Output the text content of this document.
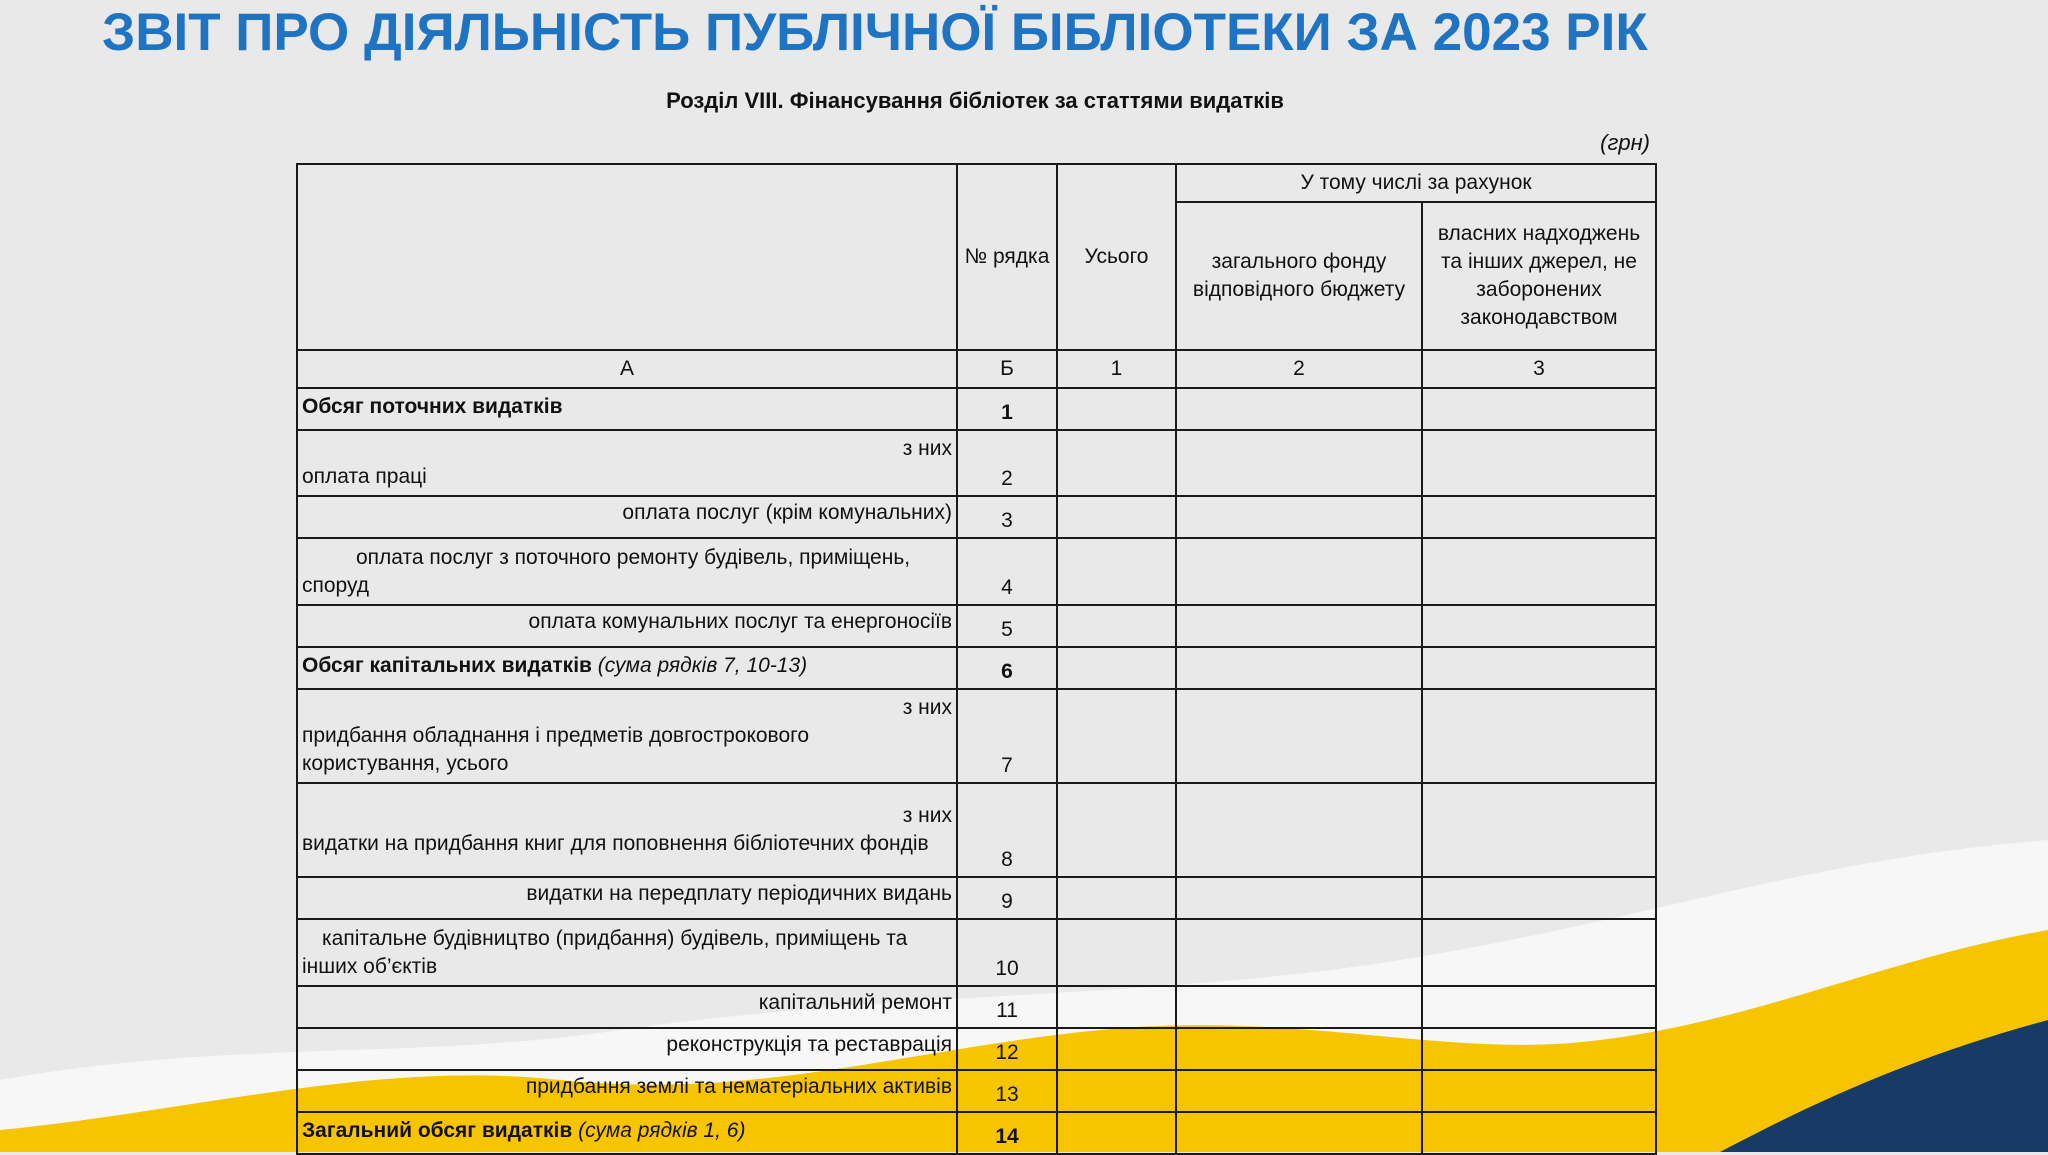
ЗВІТ ПРО ДІЯЛЬНІСТЬ ПУБЛІЧНОЇ БІБЛІОТЕКИ ЗА 2023 РІК
Розділ VIII. Фінансування бібліотек за статтями видатків
(грн)
	№ рядка	Усього	У тому числі за рахунок	
			загального фонду відповідного бюджету	власних надходжень та інших джерел, не заборонених законодавством
А	Б	1	2	3
Обсяг поточних видатків	1			

з них
оплата праці	2			
оплата послуг (крім комунальних)	3			
оплата послуг з поточного ремонту будівель, приміщень, споруд	4			
оплата комунальних послуг та енергоносіїв	5			
Обсяг капітальних видатків (сума рядків 7, 10-13)	6			

з них
придбання обладнання і предметів довгострокового користування, усього	7			

з них
видатки на придбання книг для поповнення бібліотечних фондів	8			
видатки на передплату періодичних видань	9			
капітальне будівництво (придбання) будівель, приміщень та інших об’єктів	10			
капітальний ремонт	11			
реконструкція та реставрація	12			
придбання землі та нематеріальних активів	13			
Загальний обсяг видатків (сума рядків 1, 6)	14			
